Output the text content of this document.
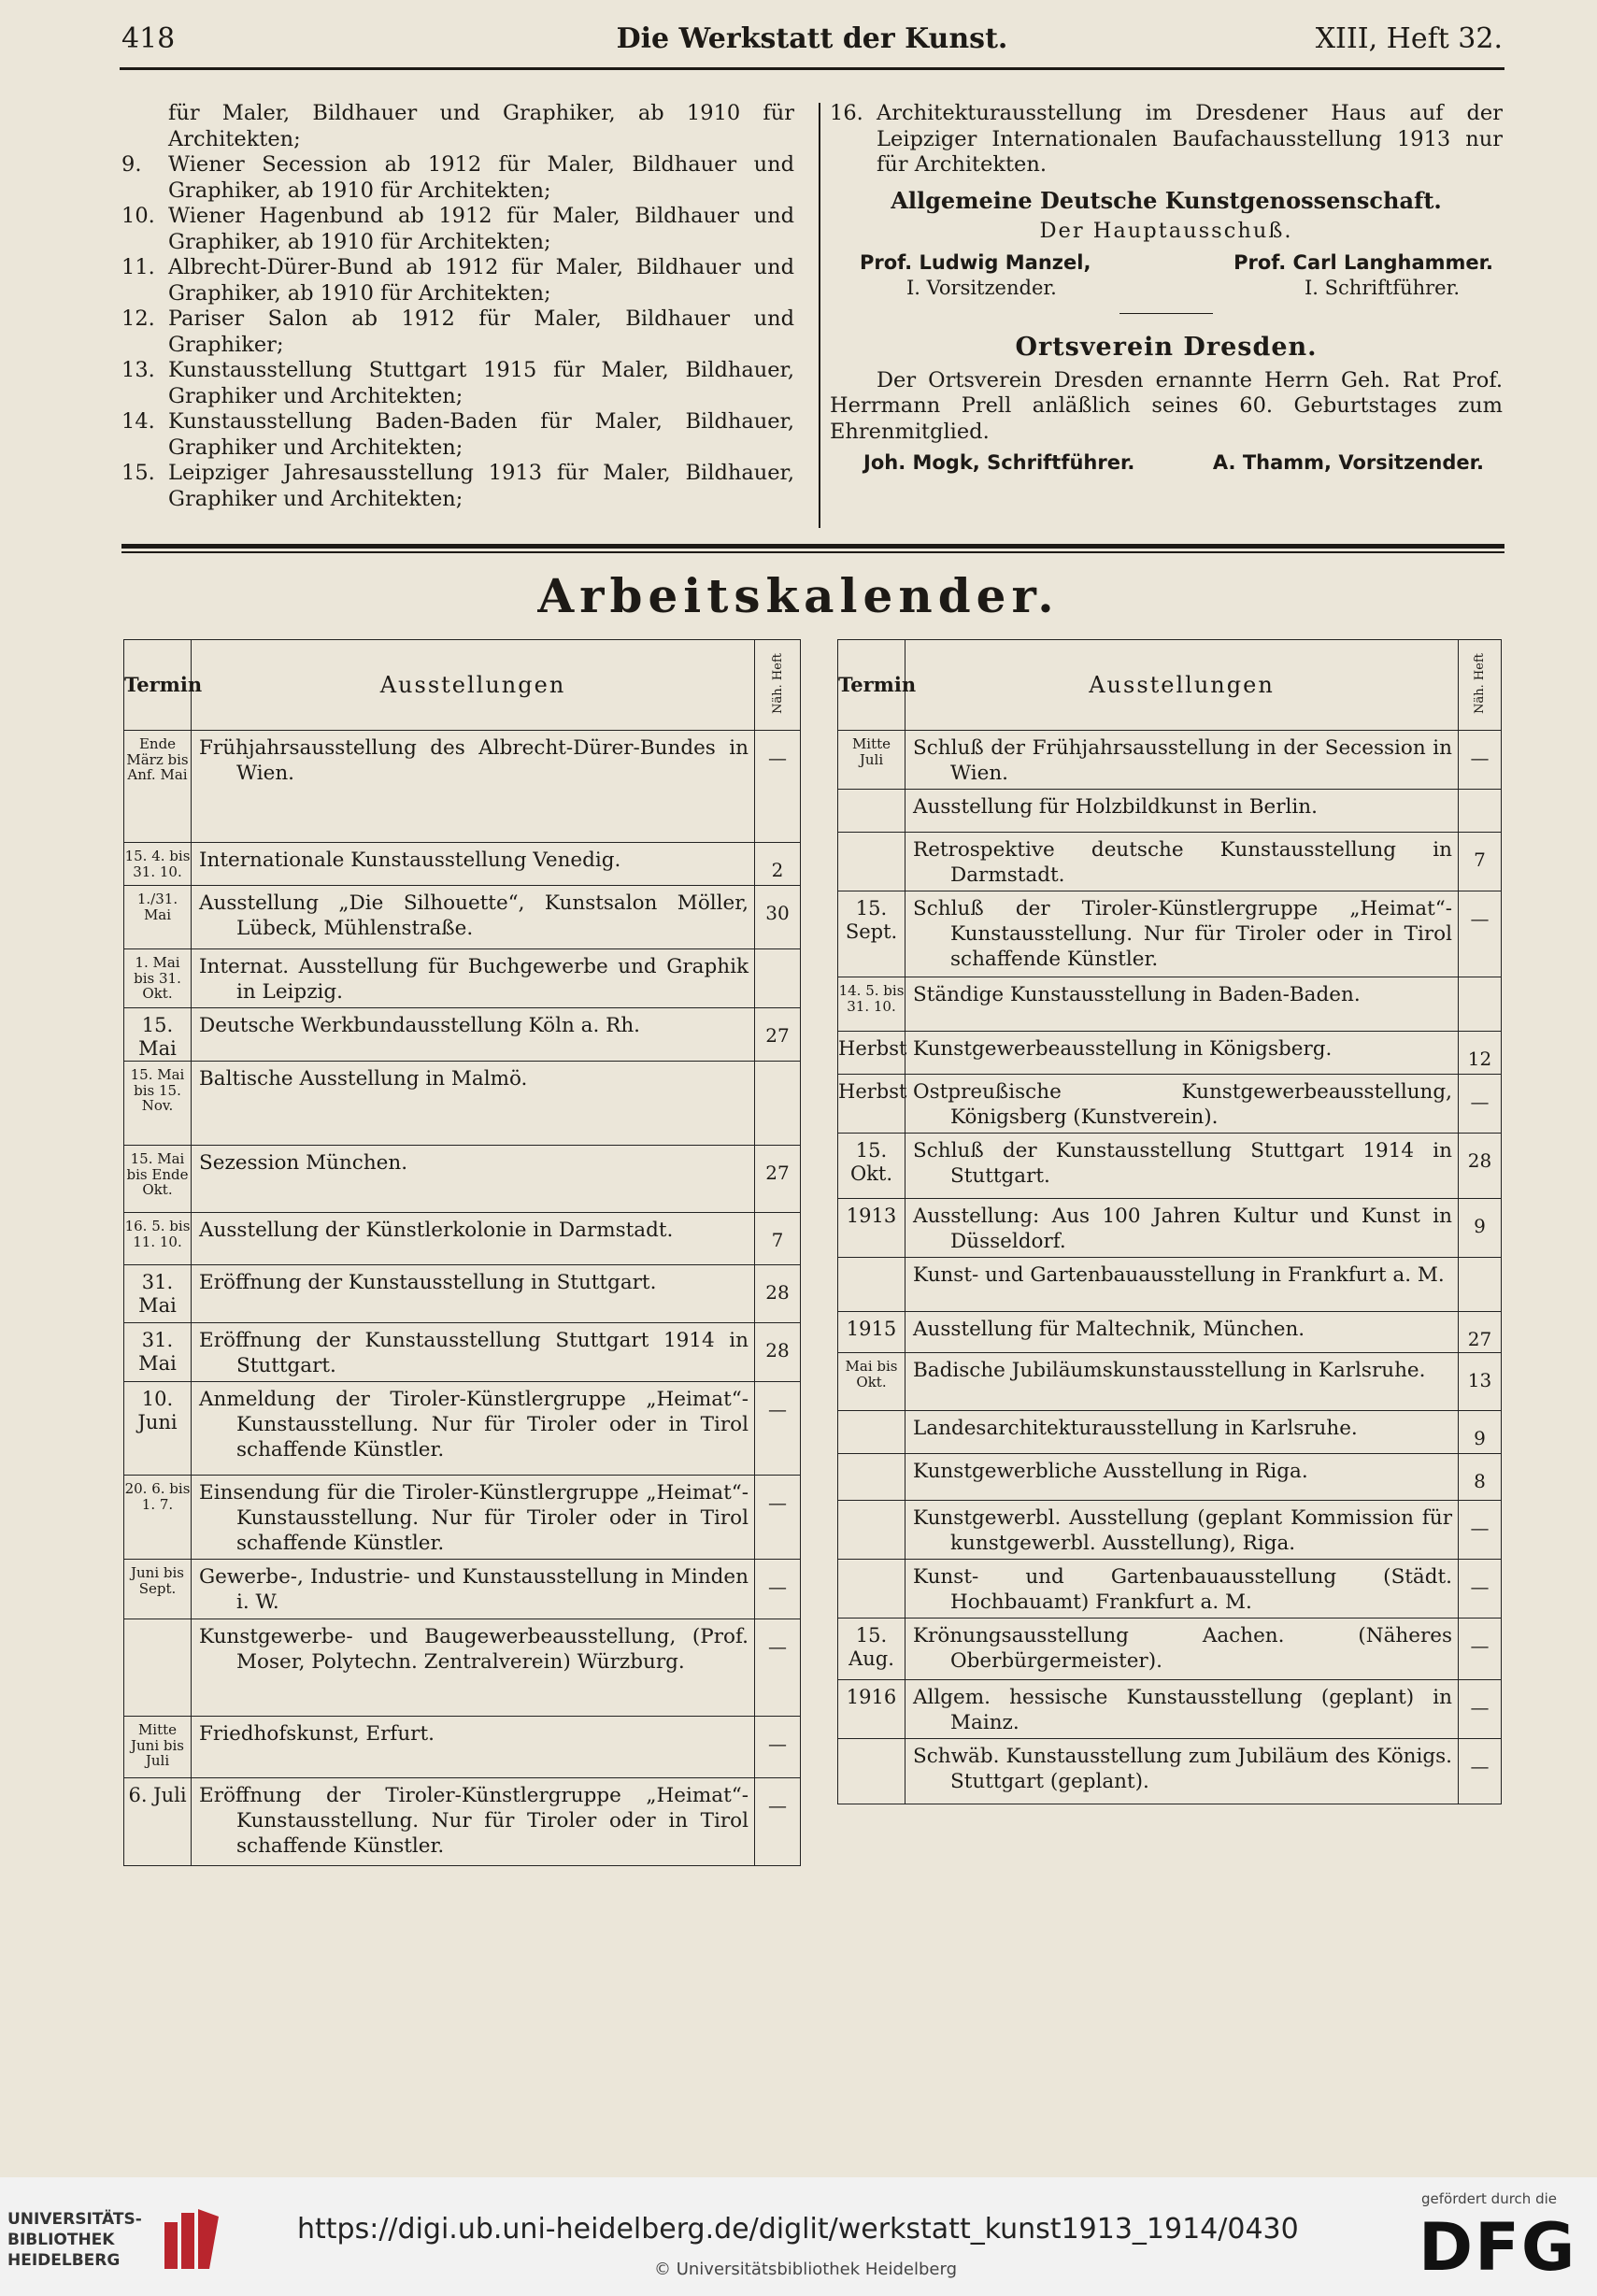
418	Die Werkstatt der Kunst.	XIII, Heft 32.
für Maler, Bildhauer und Graphiker, ab 1910 für Architekten;
9.	Wiener Secession ab 1912 für Maler, Bildhauer und Graphiker, ab 1910 für Architekten;
10. Wiener Hagenbund ab 1912 für Maler, Bildhauer und Graphiker, ab 1910 für Architekten;
11. Albrecht-Dürer-Bund ab 1912 für Maler, Bildhauer und Graphiker, ab 1910 für Architekten;
12. Pariser Salon ab 1912 für Maler, Bildhauer und Graphiker;
13. Kunstausstellung Stuttgart 1915 für Maler, Bildhauer, Graphiker und Architekten;
14. Kunstausstellung Baden-Baden für Maler, Bildhauer, Graphiker und Architekten;
15. Leipziger Jahresausstellung 1913 für Maler, Bildhauer, Graphiker und Architekten;
16. Architekturausstellung im Dresdener Haus auf der Leipziger Internationalen Baufachausstellung 1913 nur für Architekten.
Allgemeine Deutsche Kunstgenossenschaft.
Der Hauptausschuß.
Prof. Ludwig Manzel,	Prof. Carl Langhammer.
I. Vorsitzender.	I. Schriftführer.
Ortsverein Dresden.
Der Ortsverein Dresden ernannte Herrn Geh. Rat Prof. Herrmann Prell anläßlich seines 60. Geburtstages zum Ehrenmitglied.
Joh. Mogk, Schriftführer.	A. Thamm, Vorsitzender.
Arbeitskalender.
Termin	Ausstellungen	Näh. Heft
Ende März bis Anf. Mai	Frühjahrsausstellung des Albrecht-Dürer-Bundes in Wien.	—
15. 4. bis 31. 10.	Internationale Kunstausstellung Venedig.	2
1./31. Mai	Ausstellung „Die Silhouette“, Kunstsalon Möller, Lübeck, Mühlenstraße.	30
1. Mai bis 31. Okt.	Internat. Ausstellung für Buchgewerbe und Graphik in Leipzig.	

15. Mai	Deutsche Werkbundausstellung Köln a. Rh.	27
15. Mai bis 15. Nov.	Baltische Ausstellung in Malmö.	

15. Mai bis Ende Okt.	Sezession München.	27
16. 5. bis 11. 10.	Ausstellung der Künstlerkolonie in Darmstadt.	7
31. Mai	Eröffnung der Kunstausstellung in Stuttgart.	28
31. Mai	Eröffnung der Kunstausstellung Stuttgart 1914 in Stuttgart.	28
10. Juni	Anmeldung der Tiroler-Künstlergruppe „Heimat“-Kunstausstellung. Nur für Tiroler oder in Tirol schaffende Künstler.	—
20. 6. bis 1. 7.	Einsendung für die Tiroler-Künstlergruppe „Heimat“-Kunstausstellung. Nur für Tiroler oder in Tirol schaffende Künstler.	—
Juni bis Sept.	Gewerbe-, Industrie- und Kunstausstellung in Minden i. W.	—

	Kunstgewerbe- und Baugewerbeausstellung, (Prof. Moser, Polytechn. Zentralverein) Würzburg.	—
Mitte Juni bis Juli	Friedhofskunst, Erfurt.	—
6. Juli	Eröffnung der Tiroler-Künstlergruppe „Heimat“-Kunstausstellung. Nur für Tiroler oder in Tirol schaffende Künstler.	—
Termin	Ausstellungen	Näh. Heft
Mitte Juli	Schluß der Frühjahrsausstellung in der Secession in Wien.	—

	Ausstellung für Holzbildkunst in Berlin.	

	Retrospektive deutsche Kunstausstellung in Darmstadt.	7
15. Sept.	Schluß der Tiroler-Künstlergruppe „Heimat“-Kunstausstellung. Nur für Tiroler oder in Tirol schaffende Künstler.	—
14. 5. bis 31. 10.	Ständige Kunstausstellung in Baden-Baden.	

Herbst	Kunstgewerbeausstellung in Königsberg.	12
Herbst	Ostpreußische Kunstgewerbeausstellung, Königsberg (Kunstverein).	—
15. Okt.	Schluß der Kunstausstellung Stuttgart 1914 in Stuttgart.	28
1913	Ausstellung: Aus 100 Jahren Kultur und Kunst in Düsseldorf.	9

	Kunst- und Gartenbauausstellung in Frankfurt a. M.	

1915	Ausstellung für Maltechnik, München.	27
Mai bis Okt.	Badische Jubiläumskunstausstellung in Karlsruhe.	13

	Landesarchitekturausstellung in Karlsruhe.	9

	Kunstgewerbliche Ausstellung in Riga.	8

	Kunstgewerbl. Ausstellung (geplant Kommission für kunstgewerbl. Ausstellung), Riga.	—

	Kunst- und Gartenbauausstellung (Städt. Hochbauamt) Frankfurt a. M.	—
15. Aug.	Krönungsausstellung Aachen. (Näheres Oberbürgermeister).	—
1916	Allgem. hessische Kunstausstellung (geplant) in Mainz.	—

	Schwäb. Kunstausstellung zum Jubiläum des Königs. Stuttgart (geplant).	—
UNIVERSITÄTS-
BIBLIOTHEK
HEIDELBERG
https://digi.ub.uni-heidelberg.de/diglit/werkstatt_kunst1913_1914/0430
© Universitätsbibliothek Heidelberg
gefördert durch die
DFG
